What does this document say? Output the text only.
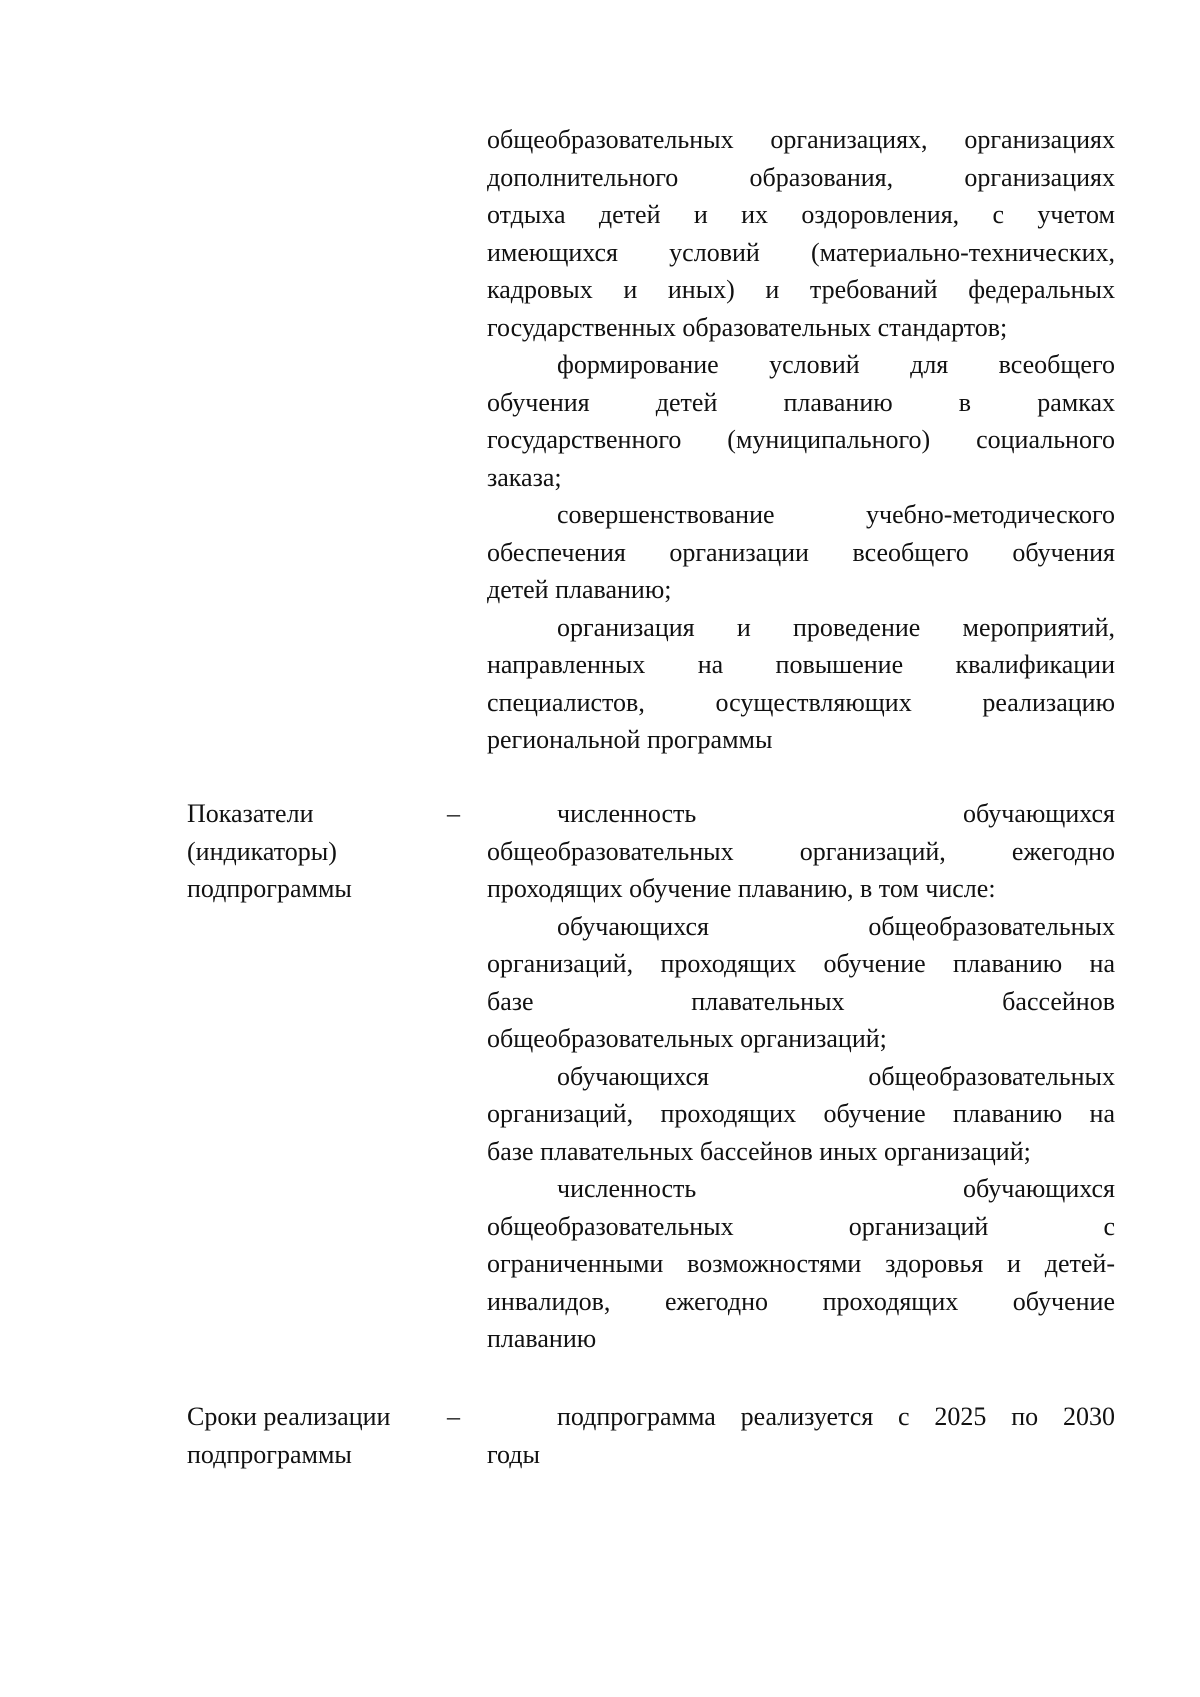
общеобразовательных организациях, организациях
дополнительного образования, организациях
отдыха детей и их оздоровления, с учетом
имеющихся условий (материально-технических,
кадровых и иных) и требований федеральных
государственных образовательных стандартов;
формирование условий для всеобщего
обучения детей плаванию в рамках
государственного (муниципального) социального
заказа;
совершенствование учебно-методического
обеспечения организации всеобщего обучения
детей плаванию;
организация и проведение мероприятий,
направленных на повышение квалификации
специалистов, осуществляющих реализацию
региональной программы
Показатели
(индикаторы)
подпрограммы
–	численность обучающихся
общеобразовательных организаций, ежегодно
проходящих обучение плаванию, в том числе:
обучающихся общеобразовательных
организаций, проходящих обучение плаванию на
базе плавательных бассейнов
общеобразовательных организаций;
обучающихся общеобразовательных
организаций, проходящих обучение плаванию на
базе плавательных бассейнов иных организаций;
численность обучающихся
общеобразовательных организаций с
ограниченными возможностями здоровья и детей-
инвалидов, ежегодно проходящих обучение
плаванию
Сроки реализации
подпрограммы
–	подпрограмма реализуется с 2025 по 2030
годы
